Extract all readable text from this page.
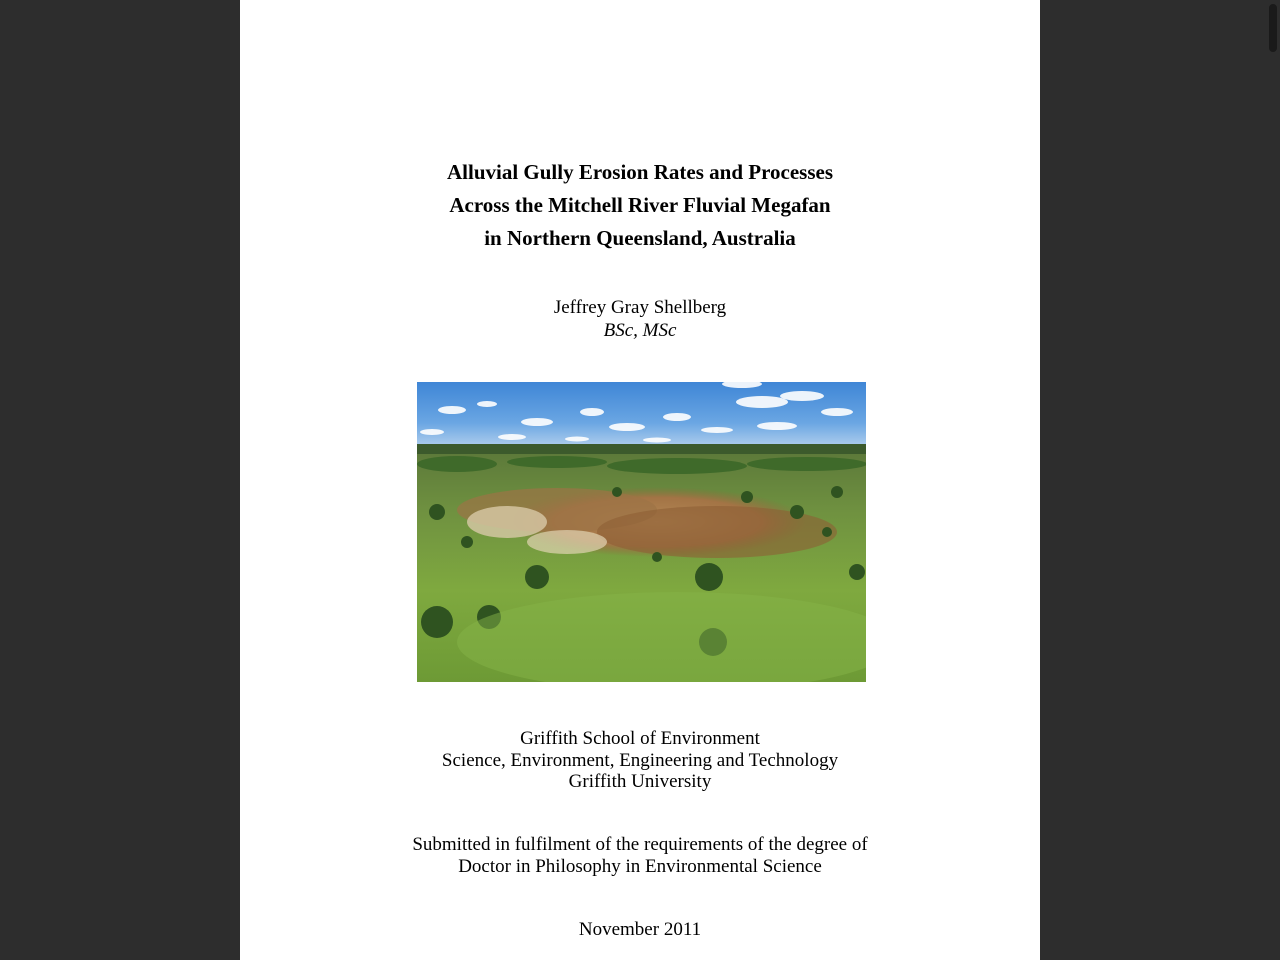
Alluvial Gully Erosion Rates and Processes
Across the Mitchell River Fluvial Megafan
in Northern Queensland, Australia
Jeffrey Gray Shellberg
BSc, MSc
Griffith School of Environment
Science, Environment, Engineering and Technology
Griffith University
Submitted in fulfilment of the requirements of the degree of
Doctor in Philosophy in Environmental Science
November 2011
